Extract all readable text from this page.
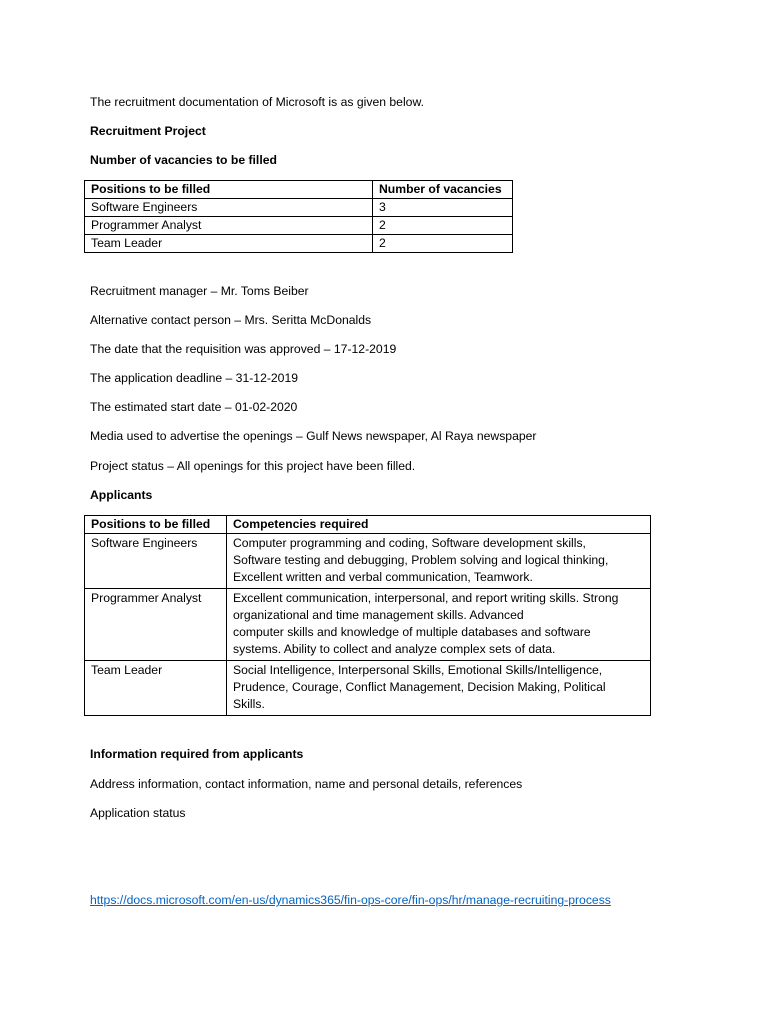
The recruitment documentation of Microsoft is as given below.
Recruitment Project
Number of vacancies to be filled
Positions to be filled	Number of vacancies
Software Engineers	3
Programmer Analyst	2
Team Leader	2
Recruitment manager – Mr. Toms Beiber
Alternative contact person – Mrs. Seritta McDonalds
The date that the requisition was approved – 17-12-2019
The application deadline – 31-12-2019
The estimated start date – 01-02-2020
Media used to advertise the openings – Gulf News newspaper, Al Raya newspaper
Project status – All openings for this project have been filled.
Applicants
Positions to be filled	Competencies required
Software Engineers	Computer programming and coding, Software development skills,
Software testing and debugging, Problem solving and logical thinking,
Excellent written and verbal communication, Teamwork.

Programmer Analyst	Excellent communication, interpersonal, and report writing skills. Strong
organizational and time management skills. Advanced
computer skills and knowledge of multiple databases and software
systems. Ability to collect and analyze complex sets of data.

Team Leader	Social Intelligence, Interpersonal Skills, Emotional Skills/Intelligence,
Prudence, Courage, Conflict Management, Decision Making, Political
Skills.
Information required from applicants
Address information, contact information, name and personal details, references
Application status
https://docs.microsoft.com/en-us/dynamics365/fin-ops-core/fin-ops/hr/manage-recruiting-process
